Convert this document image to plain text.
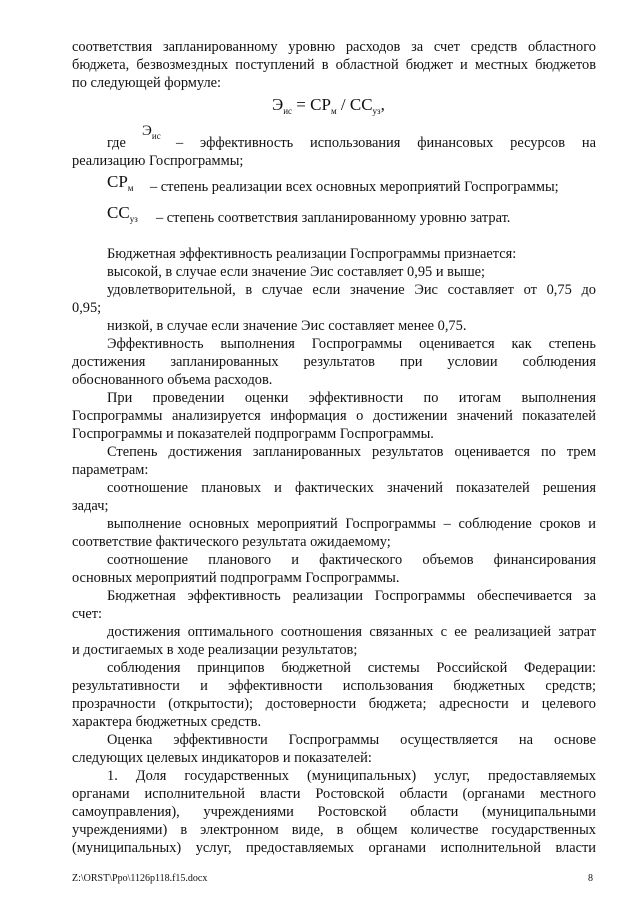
соответствия запланированному уровню расходов за счет средств областного
бюджета, безвозмездных поступлений в областной бюджет и местных бюджетов
по следующей формуле:
$Э_{ис} = СР_м / СС_{уз}$,
где
$Э_{ис}$ – эффективность использования финансовых ресурсов на
реализацию Госпрограммы;
$СР_м$ – степень реализации всех основных мероприятий Госпрограммы;
$СС_{уз}$ – степень соответствия запланированному уровню затрат.
Бюджетная эффективность реализации Госпрограммы признается:
высокой, в случае если значение Эис составляет 0,95 и выше;
удовлетворительной, в случае если значение Эис составляет от 0,75 до
0,95;
низкой, в случае если значение Эис составляет менее 0,75.
Эффективность выполнения Госпрограммы оценивается как степень
достижения запланированных результатов при условии соблюдения
обоснованного объема расходов.
При проведении оценки эффективности по итогам выполнения
Госпрограммы анализируется информация о достижении значений показателей
Госпрограммы и показателей подпрограмм Госпрограммы.
Степень достижения запланированных результатов оценивается по трем
параметрам:
соотношение плановых и фактических значений показателей решения
задач;
выполнение основных мероприятий Госпрограммы – соблюдение сроков и
соответствие фактического результата ожидаемому;
соотношение планового и фактического объемов финансирования
основных мероприятий подпрограмм Госпрограммы.
Бюджетная эффективность реализации Госпрограммы обеспечивается за
счет:
достижения оптимального соотношения связанных с ее реализацией затрат
и достигаемых в ходе реализации результатов;
соблюдения принципов бюджетной системы Российской Федерации:
результативности и эффективности использования бюджетных средств;
прозрачности (открытости); достоверности бюджета; адресности и целевого
характера бюджетных средств.
Оценка эффективности Госпрограммы осуществляется на основе
следующих целевых индикаторов и показателей:
1. Доля государственных (муниципальных) услуг, предоставляемых
органами исполнительной власти Ростовской области (органами местного
самоуправления), учреждениями Ростовской области (муниципальными
учреждениями) в электронном виде, в общем количестве государственных
(муниципальных) услуг, предоставляемых органами исполнительной власти
Z:\ORST\Ppo\1126p118.f15.docx	8
